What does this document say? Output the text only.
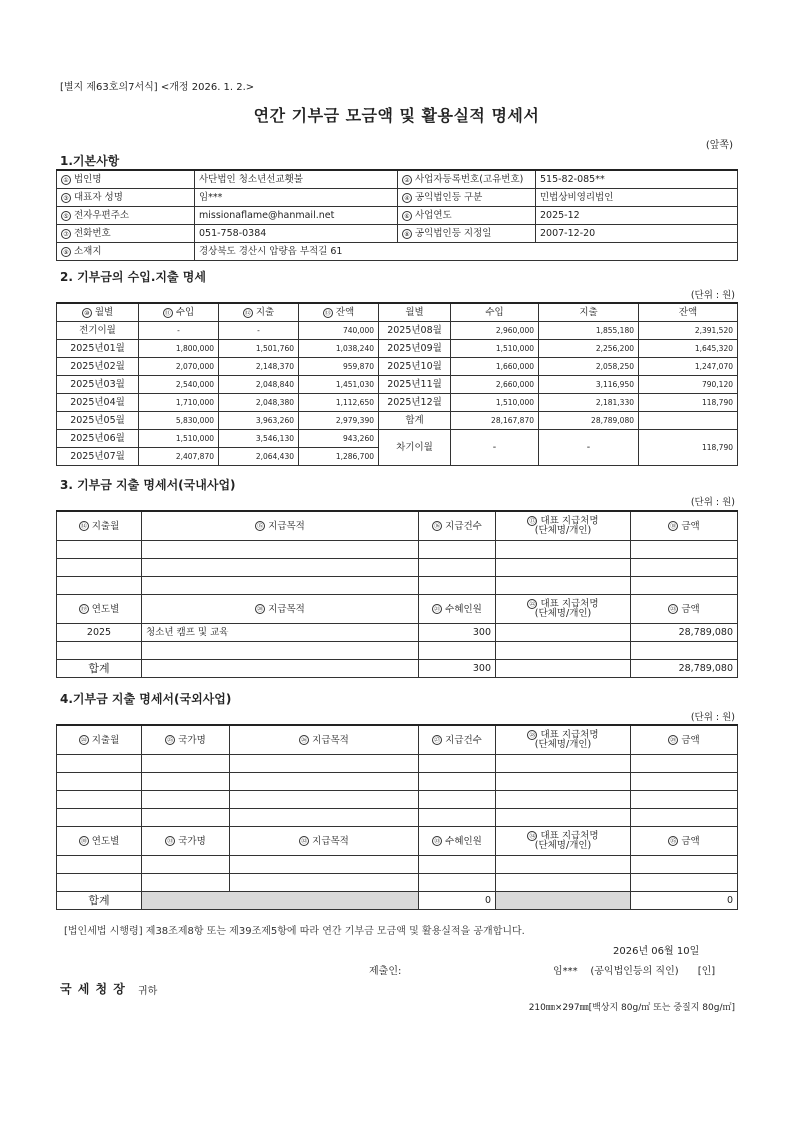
[별지 제63호의7서식] <개정 2026. 1. 2.>
연간 기부금 모금액 및 활용실적 명세서
(앞쪽)
1.기본사항
① 법인명	사단법인 청소년선교횃불	② 사업자등록번호(고유번호)	515-82-085**
③ 대표자 성명	임***	④ 공익법인등 구분	민법상비영리법인
⑤ 전자우편주소	missionaflame@hanmail.net	⑥ 사업연도	2025-12
⑦ 전화번호	051-758-0384	⑧ 공익법인등 지정일	2007-12-20
⑨ 소재지	경상북도 경산시 압량읍 부적길 61		
2. 기부금의 수입.지출 명세
(단위 : 원)
⑩ 월별	⑪ 수입	⑫ 지출	⑬ 잔액	월별	수입	지출	잔액
전기이월	-	-	740,000	2025년08월	2,960,000	1,855,180	2,391,520
2025년01월	1,800,000	1,501,760	1,038,240	2025년09월	1,510,000	2,256,200	1,645,320
2025년02월	2,070,000	2,148,370	959,870	2025년10월	1,660,000	2,058,250	1,247,070
2025년03월	2,540,000	2,048,840	1,451,030	2025년11월	2,660,000	3,116,950	790,120
2025년04월	1,710,000	2,048,380	1,112,650	2025년12월	1,510,000	2,181,330	118,790
2025년05월	5,830,000	3,963,260	2,979,390	합계	28,167,870	28,789,080	
2025년06월	1,510,000	3,546,130	943,260	차기이월	-	-	118,790
2025년07월	2,407,870	2,064,430	1,286,700				
3. 기부금 지출 명세서(국내사업)
(단위 : 원)
⑭ 지출월	⑮ 지급목적	⑯ 지급건수	⑰ 대표 지급처명
(단체명/개인)	⑱ 금액

⑲ 연도별	⑳ 지급목적	㉑ 수혜인원	㉒ 대표 지급처명
(단체명/개인)	㉓ 금액
2025	청소년 캠프 및 교육	300		28,789,080

합계		300		28,789,080
4.기부금 지출 명세서(국외사업)
(단위 : 원)
㉔ 지출월	㉕ 국가명	㉖ 지급목적	㉗ 지급건수	㉘ 대표 지급처명
(단체명/개인)	㉙ 금액

㉚ 연도별	㉛ 국가명	㉜ 지급목적	㉝ 수혜인원	㉞ 대표 지급처명
(단체명/개인)	㉟ 금액

합계			0		0
[법인세법 시행령] 제38조제8항 또는 제39조제5항에 따라 연간 기부금 모금액 및 활용실적을 공개합니다.
2026년 06월 10일
제출인:	임***    (공익법인등의 직인)      [인]
국 세 청 장 귀하
210㎜×297㎜[백상지 80g/㎡ 또는 중질지 80g/㎡]
